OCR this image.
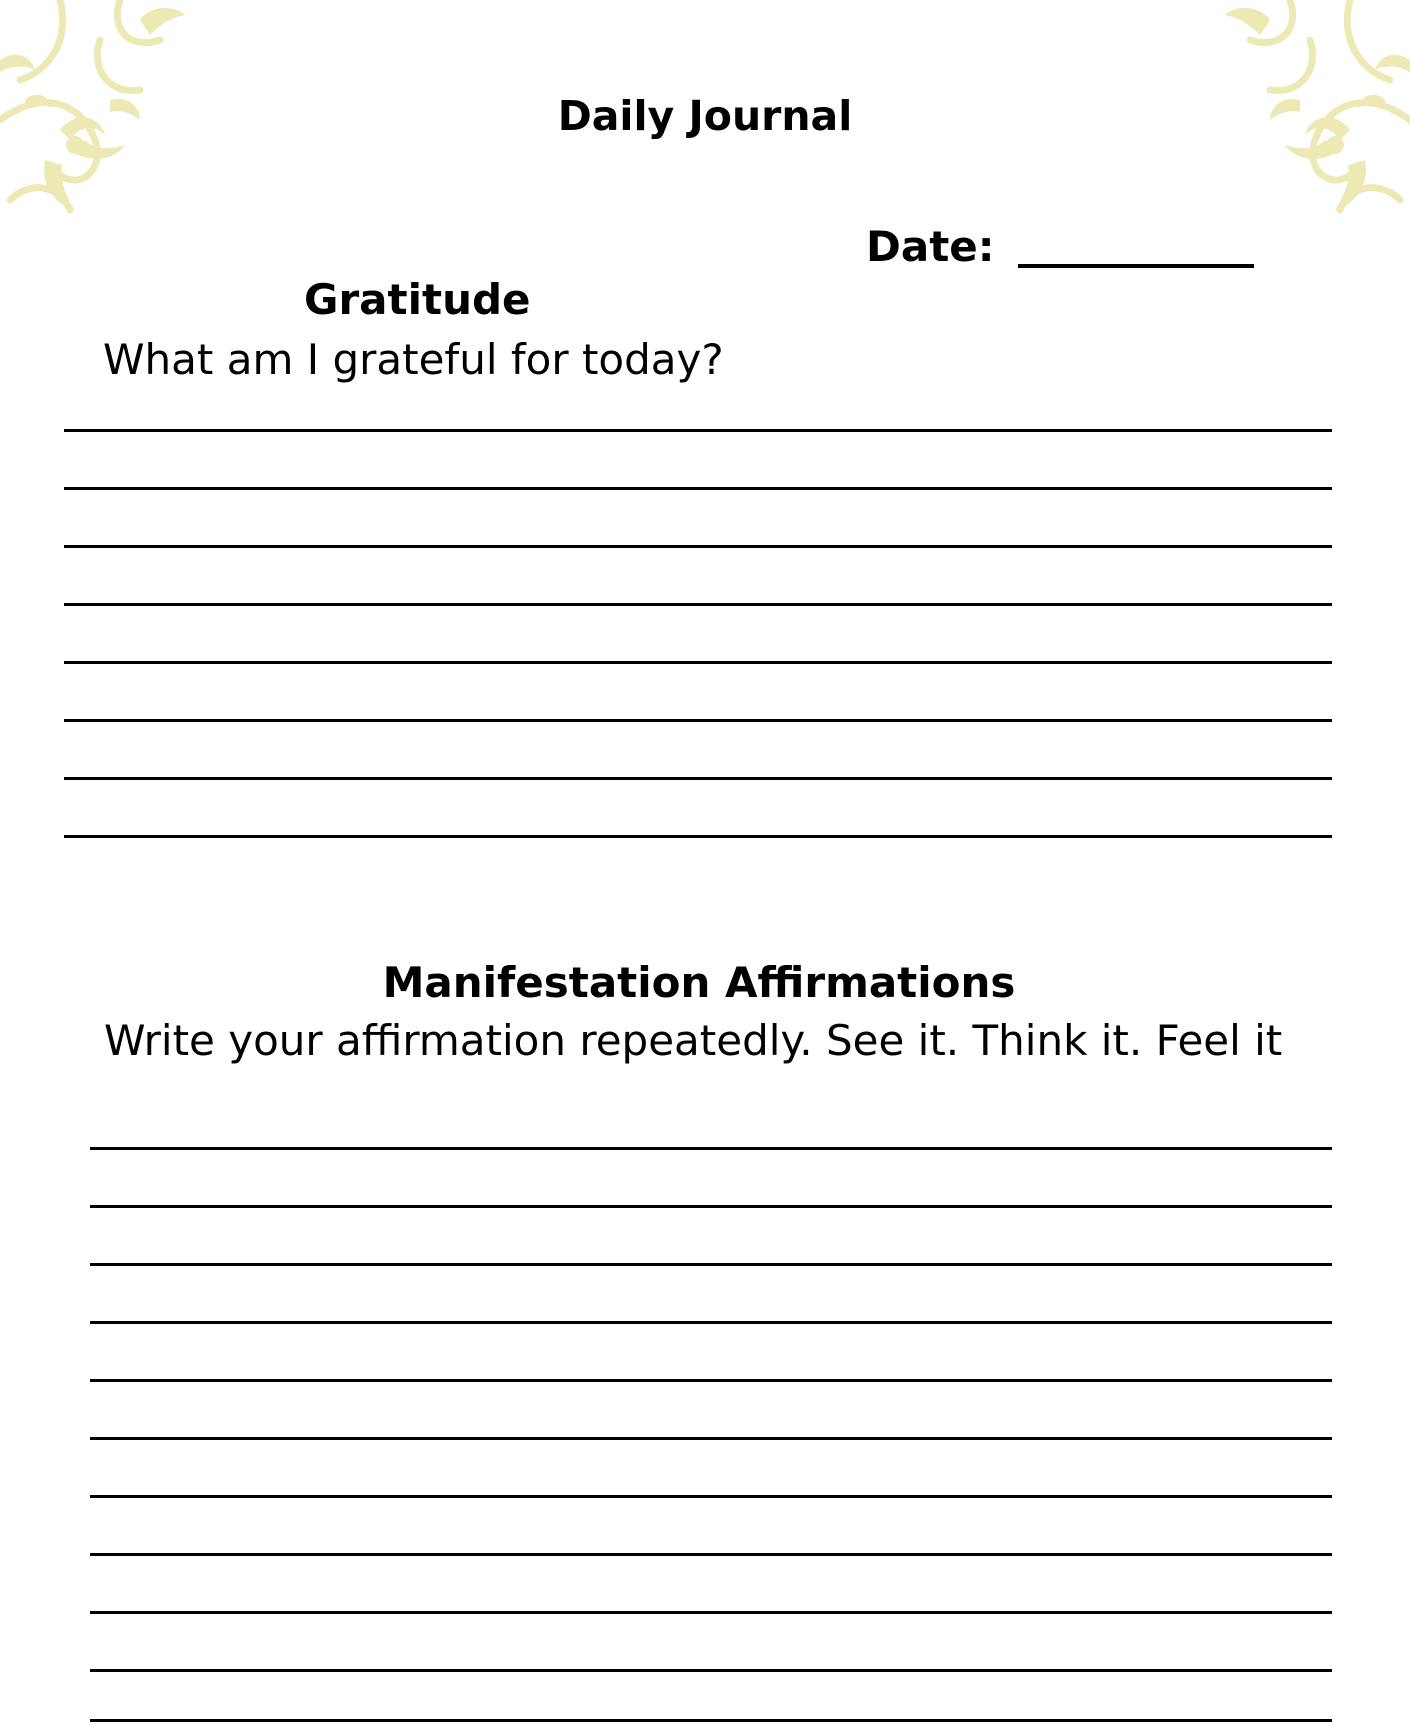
Daily Journal
Date:
Gratitude

What am I grateful for today?

Manifestation Affirmations

Write your affirmation repeatedly. See it. Think it. Feel it
